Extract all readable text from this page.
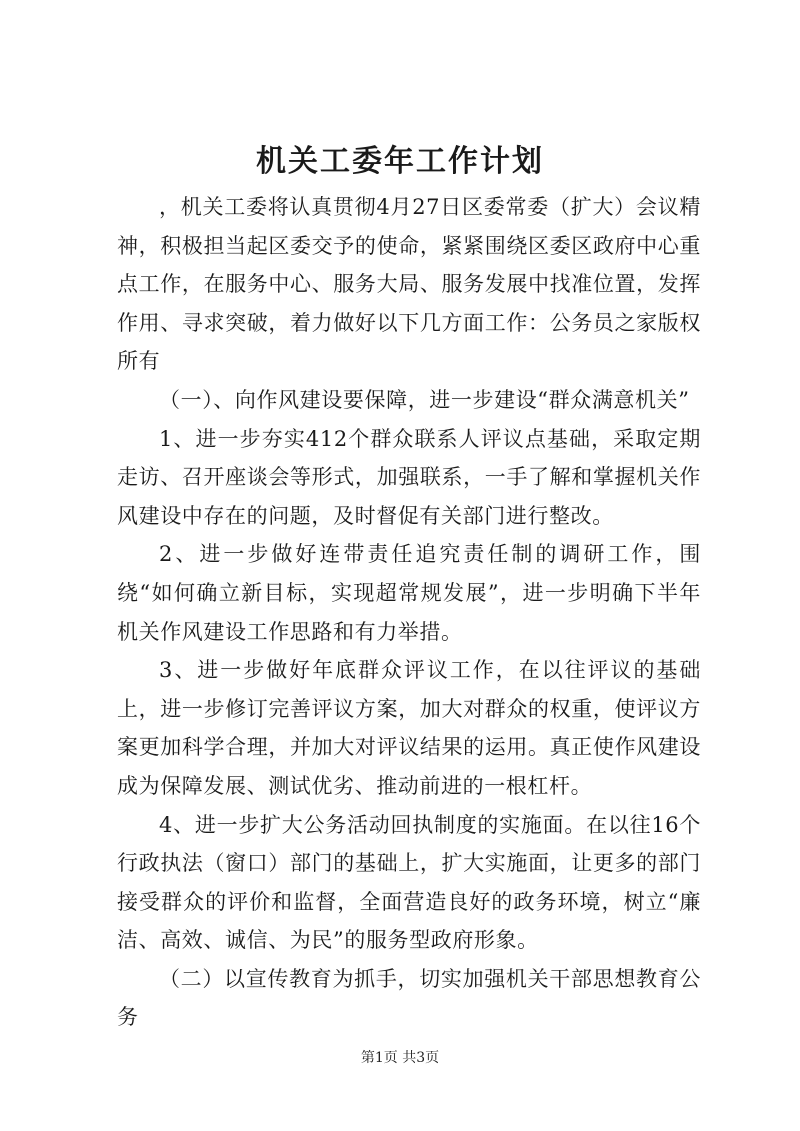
机关工委年工作计划

，机关工委将认真贯彻4月27日区委常委（扩大）会议精神，积极担当起区委交予的使命，紧紧围绕区委区政府中心重点工作，在服务中心、服务大局、服务发展中找准位置，发挥作用、寻求突破，着力做好以下几方面工作：公务员之家版权所有

（一）、向作风建设要保障，进一步建设“群众满意机关”

1、进一步夯实412个群众联系人评议点基础，采取定期走访、召开座谈会等形式，加强联系，一手了解和掌握机关作风建设中存在的问题，及时督促有关部门进行整改。

2、进一步做好连带责任追究责任制的调研工作，围绕“如何确立新目标，实现超常规发展”，进一步明确下半年机关作风建设工作思路和有力举措。

3、进一步做好年底群众评议工作，在以往评议的基础上，进一步修订完善评议方案，加大对群众的权重，使评议方案更加科学合理，并加大对评议结果的运用。真正使作风建设成为保障发展、测试优劣、推动前进的一根杠杆。

4、进一步扩大公务活动回执制度的实施面。在以往16个行政执法（窗口）部门的基础上，扩大实施面，让更多的部门接受群众的评价和监督，全面营造良好的政务环境，树立“廉洁、高效、诚信、为民”的服务型政府形象。

（二）以宣传教育为抓手，切实加强机关干部思想教育公务

第1页 共3页
